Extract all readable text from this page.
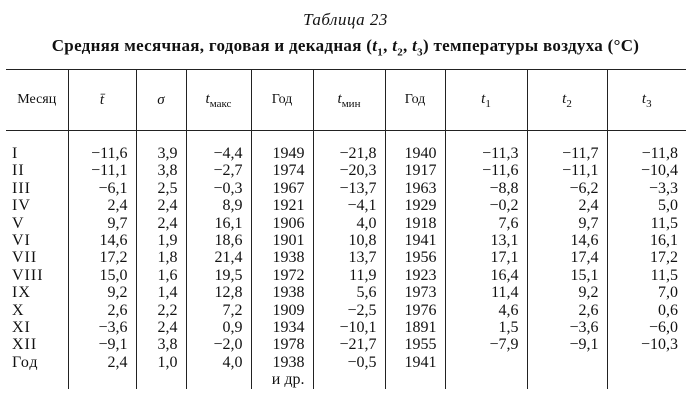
Таблица 23
Средняя месячная, годовая и декадная ($t_1$, $t_2$, $t_3$) температуры воздуха (°С)
Месяц	t̄	σ	$t_{макс}$	Год	$t_{мин}$	Год	$t_1$	$t_2$	$t_3$
I	−11,6	3,9	−4,4	1949	−21,8	1940	−11,3	−11,7	−11,8
II	−11,1	3,8	−2,7	1974	−20,3	1917	−11,6	−11,1	−10,4
III	−6,1	2,5	−0,3	1967	−13,7	1963	−8,8	−6,2	−3,3
IV	2,4	2,4	8,9	1921	−4,1	1929	−0,2	2,4	5,0
V	9,7	2,4	16,1	1906	4,0	1918	7,6	9,7	11,5
VI	14,6	1,9	18,6	1901	10,8	1941	13,1	14,6	16,1
VII	17,2	1,8	21,4	1938	13,7	1956	17,1	17,4	17,2
VIII	15,0	1,6	19,5	1972	11,9	1923	16,4	15,1	11,5
IX	9,2	1,4	12,8	1938	5,6	1973	11,4	9,2	7,0
X	2,6	2,2	7,2	1909	−2,5	1976	4,6	2,6	0,6
XI	−3,6	2,4	0,9	1934	−10,1	1891	1,5	−3,6	−6,0
XII	−9,1	3,8	−2,0	1978	−21,7	1955	−7,9	−9,1	−10,3
Год	2,4	1,0	4,0	1938	−0,5	1941			
				и др.					
